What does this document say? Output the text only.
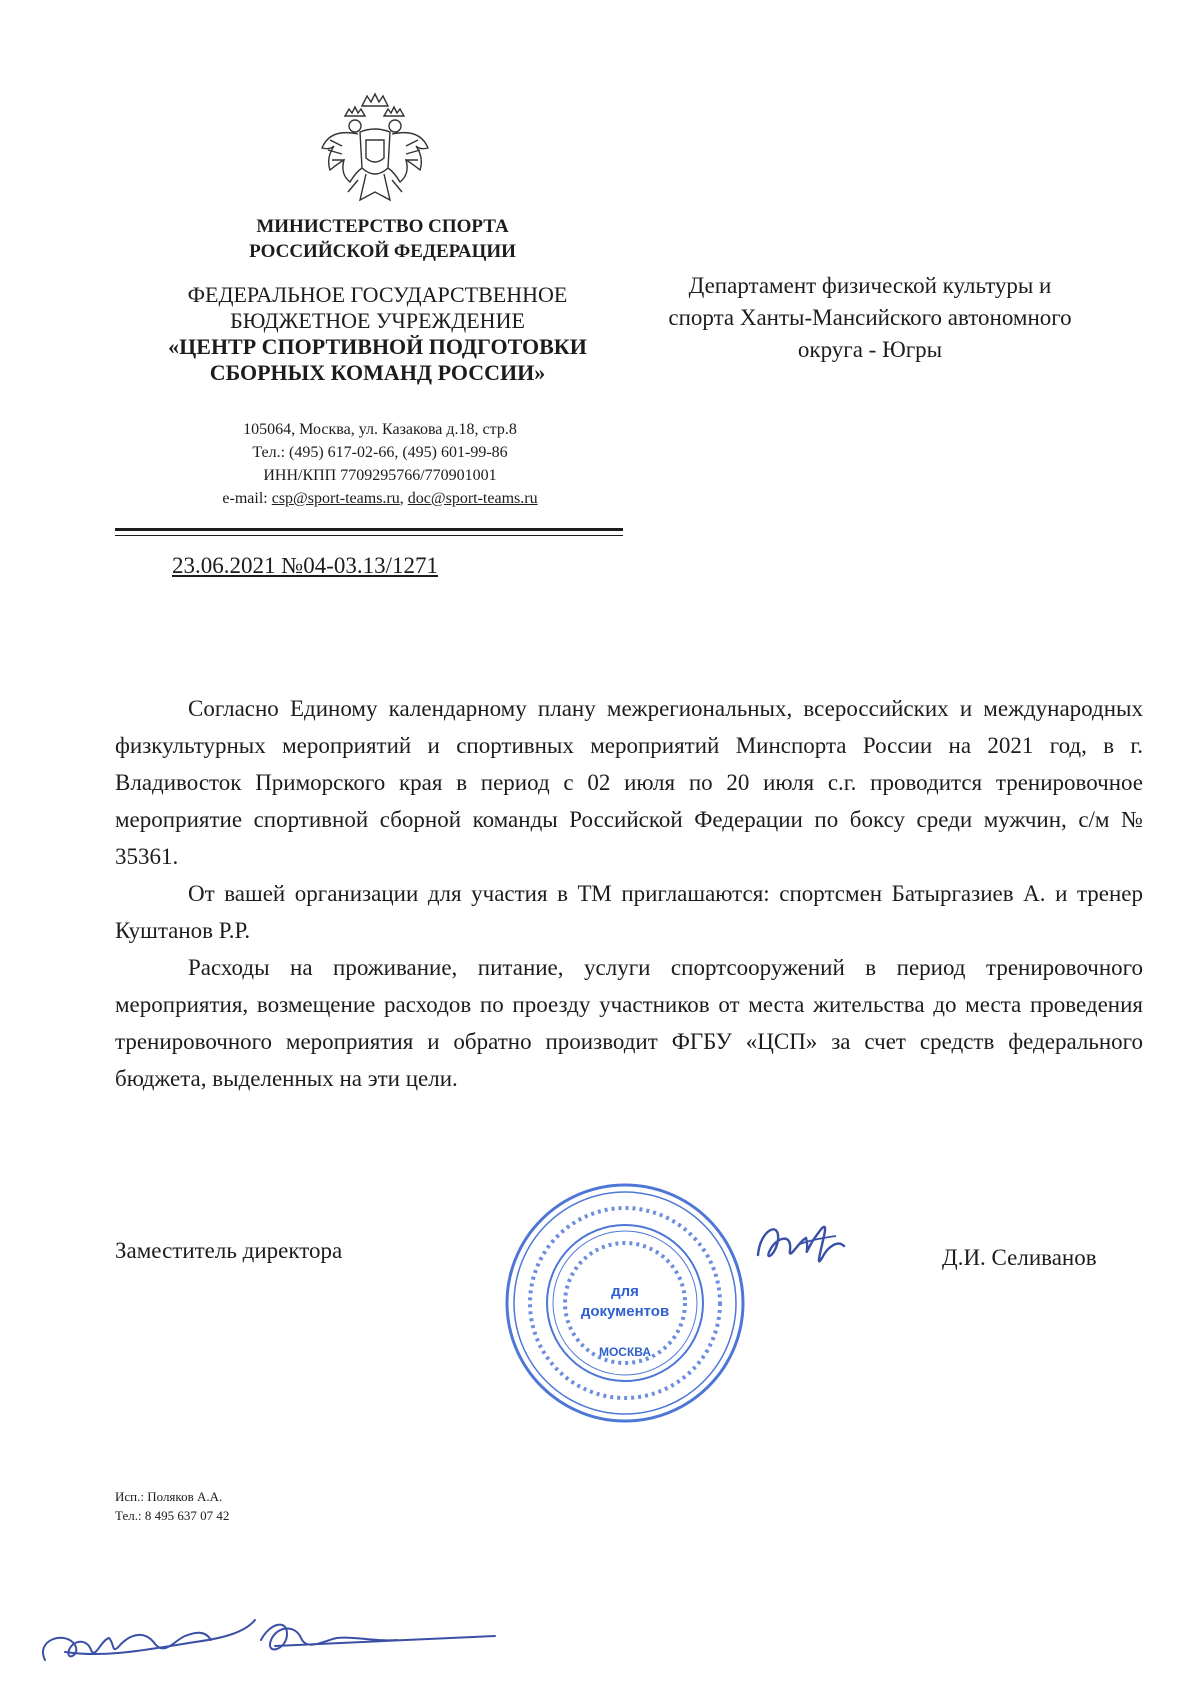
МИНИСТЕРСТВО СПОРТА
РОССИЙСКОЙ ФЕДЕРАЦИИ
ФЕДЕРАЛЬНОЕ ГОСУДАРСТВЕННОЕ
БЮДЖЕТНОЕ УЧРЕЖДЕНИЕ
«ЦЕНТР СПОРТИВНОЙ ПОДГОТОВКИ
СБОРНЫХ КОМАНД РОССИИ»
105064, Москва, ул. Казакова д.18, стр.8
Тел.: (495) 617-02-66, (495) 601-99-86
ИНН/КПП 7709295766/770901001
e-mail: csp@sport-teams.ru, doc@sport-teams.ru
23.06.2021 №04-03.13/1271
Департамент физической культуры и
спорта Ханты-Мансийского автономного
округа - Югры

Согласно Единому календарному плану межрегиональных, всероссийских и международных физкультурных мероприятий и спортивных мероприятий Минспорта России на 2021 год, в г. Владивосток Приморского края в период с 02 июля по 20 июля с.г. проводится тренировочное мероприятие спортивной сборной команды Российской Федерации по боксу среди мужчин, с/м № 35361.

От вашей организации для участия в ТМ приглашаются: спортсмен Батыргазиев А. и тренер Куштанов Р.Р.

Расходы на проживание, питание, услуги спортсооружений в период тренировочного мероприятия, возмещение расходов по проезду участников от места жительства до места проведения тренировочного мероприятия и обратно производит ФГБУ «ЦСП» за счет средств федерального бюджета, выделенных на эти цели.

Заместитель директора
для
документов
МОСКВА
Д.И. Селиванов
Исп.: Поляков А.А.
Тел.: 8 495 637 07 42
